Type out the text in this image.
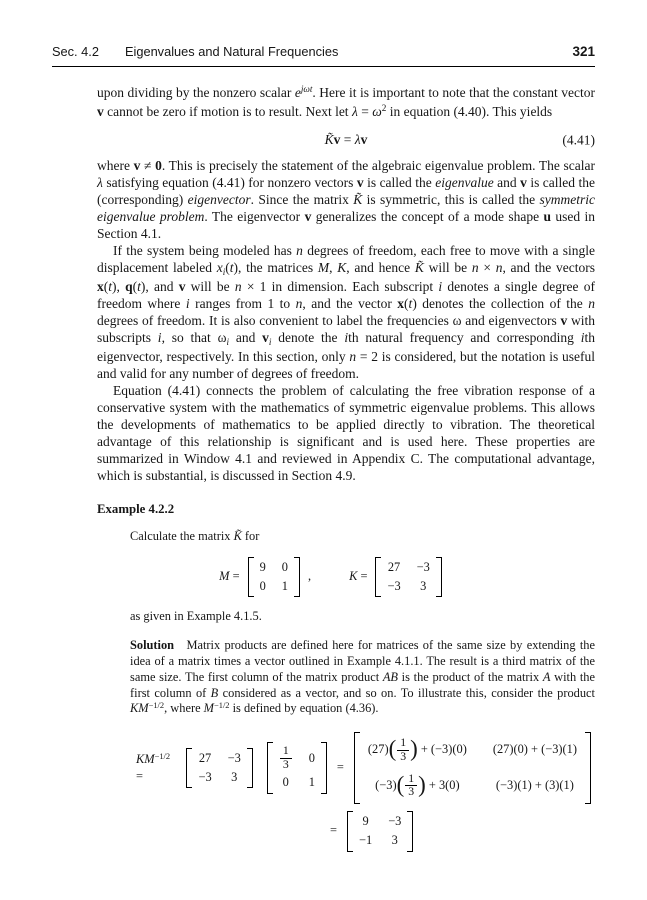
Sec. 4.2 Eigenvalues and Natural Frequencies	321

upon dividing by the nonzero scalar $e^{j\omega t}$. Here it is important to note that the constant vector v cannot be zero if motion is to result. Next let $\lambda = \omega^2$ in equation (4.40). This yields

K̃v = λv	(4.41)

where v ≠ 0. This is precisely the statement of the algebraic eigenvalue problem. The scalar λ satisfying equation (4.41) for nonzero vectors v is called the eigenvalue and v is called the (corresponding) eigenvector. Since the matrix K̃ is symmetric, this is called the symmetric eigenvalue problem. The eigenvector v generalizes the concept of a mode shape u used in Section 4.1.

If the system being modeled has n degrees of freedom, each free to move with a single displacement labeled $x_i(t)$, the matrices M, K, and hence K̃ will be n × n, and the vectors x(t), q(t), and v will be n × 1 in dimension. Each subscript i denotes a single degree of freedom where i ranges from 1 to n, and the vector x(t) denotes the collection of the n degrees of freedom. It is also convenient to label the frequencies ω and eigenvectors v with subscripts i, so that $\omega_i$ and $v_i$ denote the ith natural frequency and corresponding ith eigenvector, respectively. In this section, only n = 2 is considered, but the notation is useful and valid for any number of degrees of freedom.

Equation (4.41) connects the problem of calculating the free vibration response of a conservative system with the mathematics of symmetric eigenvalue problems. This allows the developments of mathematics to be applied directly to vibration. The theoretical advantage of this relationship is significant and is used here. These properties are summarized in Window 4.1 and reviewed in Appendix C. The computational advantage, which is substantial, is discussed in Section 4.9.

Example 4.2.2
Calculate the matrix K̃ for
M =
9 0
0 1
,	K =
27 −3
−3 3
as given in Example 4.1.5.

Solution Matrix products are defined here for matrices of the same size by extending the idea of a matrix times a vector outlined in Example 4.1.1. The result is a third matrix of the same size. The first column of the matrix product AB is the product of the matrix A with the first column of B considered as a vector, and so on. To illustrate this, consider the product $KM^{-1/2}$, where $M^{-1/2}$ is defined by equation (4.36).

$KM^{-1/2}$ =
27 −3
−3 3
$\frac{1}{3} 0$
0 1
=
$(27)( \frac{1}{3}$ ) + (−3)(0) (27)(0) + (−3)(1)
$(-3)( \frac{1}{3}$ ) + 3(0)	(−3)(1) + (3)(1)
=
9 −3
−1 3
